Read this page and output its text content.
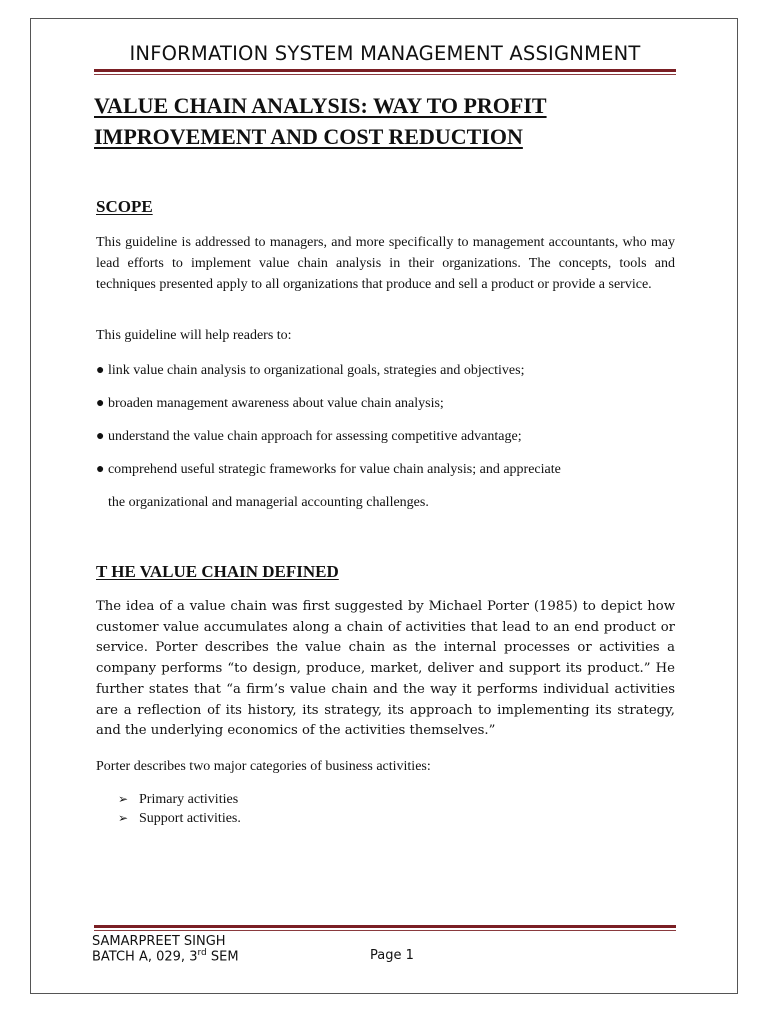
INFORMATION SYSTEM MANAGEMENT ASSIGNMENT
VALUE CHAIN ANALYSIS: WAY TO PROFIT
IMPROVEMENT AND COST REDUCTION
SCOPE

This guideline is addressed to managers, and more specifically to management accountants, who may lead efforts to implement value chain analysis in their organizations. The concepts, tools and techniques presented apply to all organizations that produce and sell a product or provide a service.

This guideline will help readers to:

● link value chain analysis to organizational goals, strategies and objectives;

● broaden management awareness about value chain analysis;

● understand the value chain approach for assessing competitive advantage;

● comprehend useful strategic frameworks for value chain analysis; and appreciate

the organizational and managerial accounting challenges.

T HE VALUE CHAIN DEFINED

The idea of a value chain was first suggested by Michael Porter (1985) to depict how customer value accumulates along a chain of activities that lead to an end product or service. Porter describes the value chain as the internal processes or activities a company performs “to design, produce, market, deliver and support its product.” He further states that “a firm’s value chain and the way it performs individual activities are a reflection of its history, its strategy, its approach to implementing its strategy, and the underlying economics of the activities themselves.”

Porter describes two major categories of business activities:

➢ Primary activities
➢ Support activities.
SAMARPREET SINGH
BATCH A, 029, 3rd SEM	Page 1
